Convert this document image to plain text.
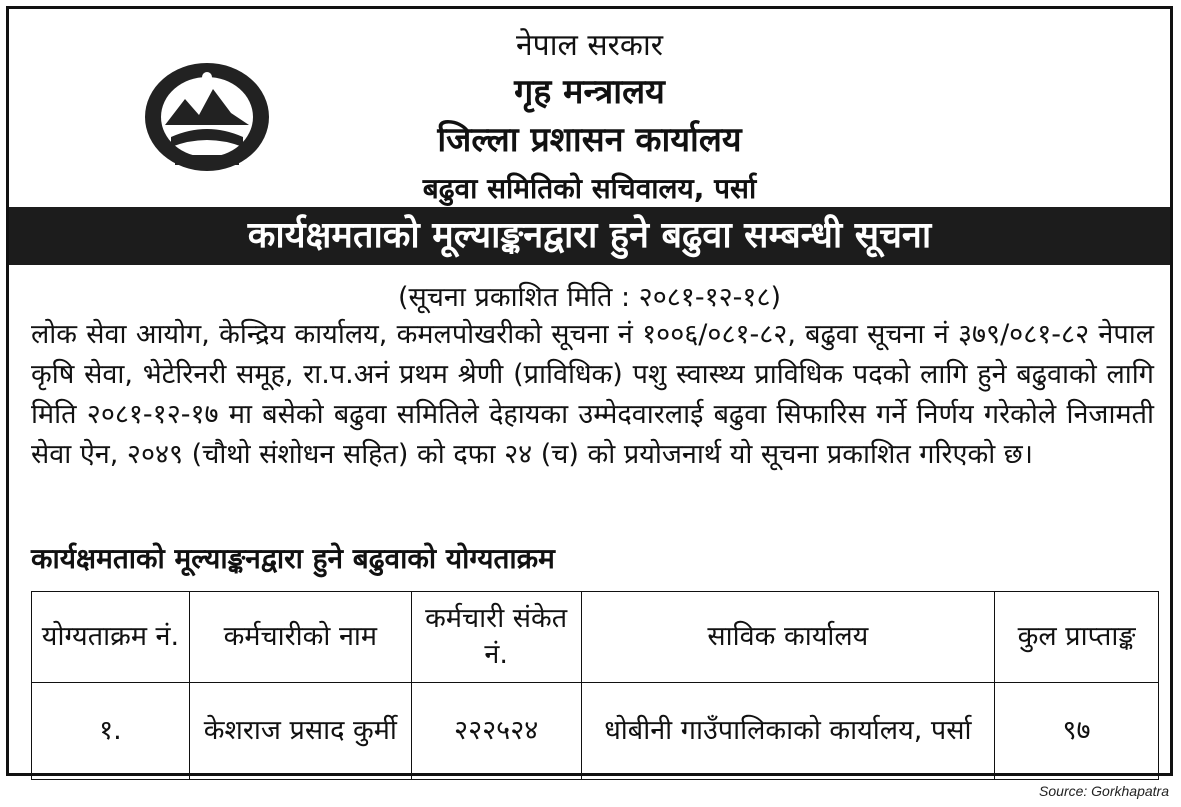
नेपाल सरकार
गृह मन्त्रालय
जिल्ला प्रशासन कार्यालय
बढुवा समितिको सचिवालय, पर्सा
कार्यक्षमताको मूल्याङ्कनद्वारा हुने बढुवा सम्बन्धी सूचना
(सूचना प्रकाशित मिति : २०८१-१२-१८)
लोक सेवा आयोग, केन्द्रिय कार्यालय, कमलपोखरीको सूचना नं १००६/०८१-८२, बढुवा सूचना नं ३७९/०८१-८२ नेपाल कृषि सेवा, भेटेरिनरी समूह, रा.प.अनं प्रथम श्रेणी (प्राविधिक) पशु स्वास्थ्य प्राविधिक पदको लागि हुने बढुवाको लागि मिति २०८१-१२-१७ मा बसेको बढुवा समितिले देहायका उम्मेदवारलाई बढुवा सिफारिस गर्ने निर्णय गरेकोले निजामती सेवा ऐन, २०४९ (चौथो संशोधन सहित) को दफा २४ (च) को प्रयोजनार्थ यो सूचना प्रकाशित गरिएको छ।
कार्यक्षमताको मूल्याङ्कनद्वारा हुने बढुवाको योग्यताक्रम
योग्यताक्रम नं.	कर्मचारीको नाम	कर्मचारी संकेत नं.	साविक कार्यालय	कुल प्राप्ताङ्क
१.	केशराज प्रसाद कुर्मी	२२२५२४	धोबीनी गाउँपालिकाको कार्यालय, पर्सा	९७
Source: Gorkhapatra
